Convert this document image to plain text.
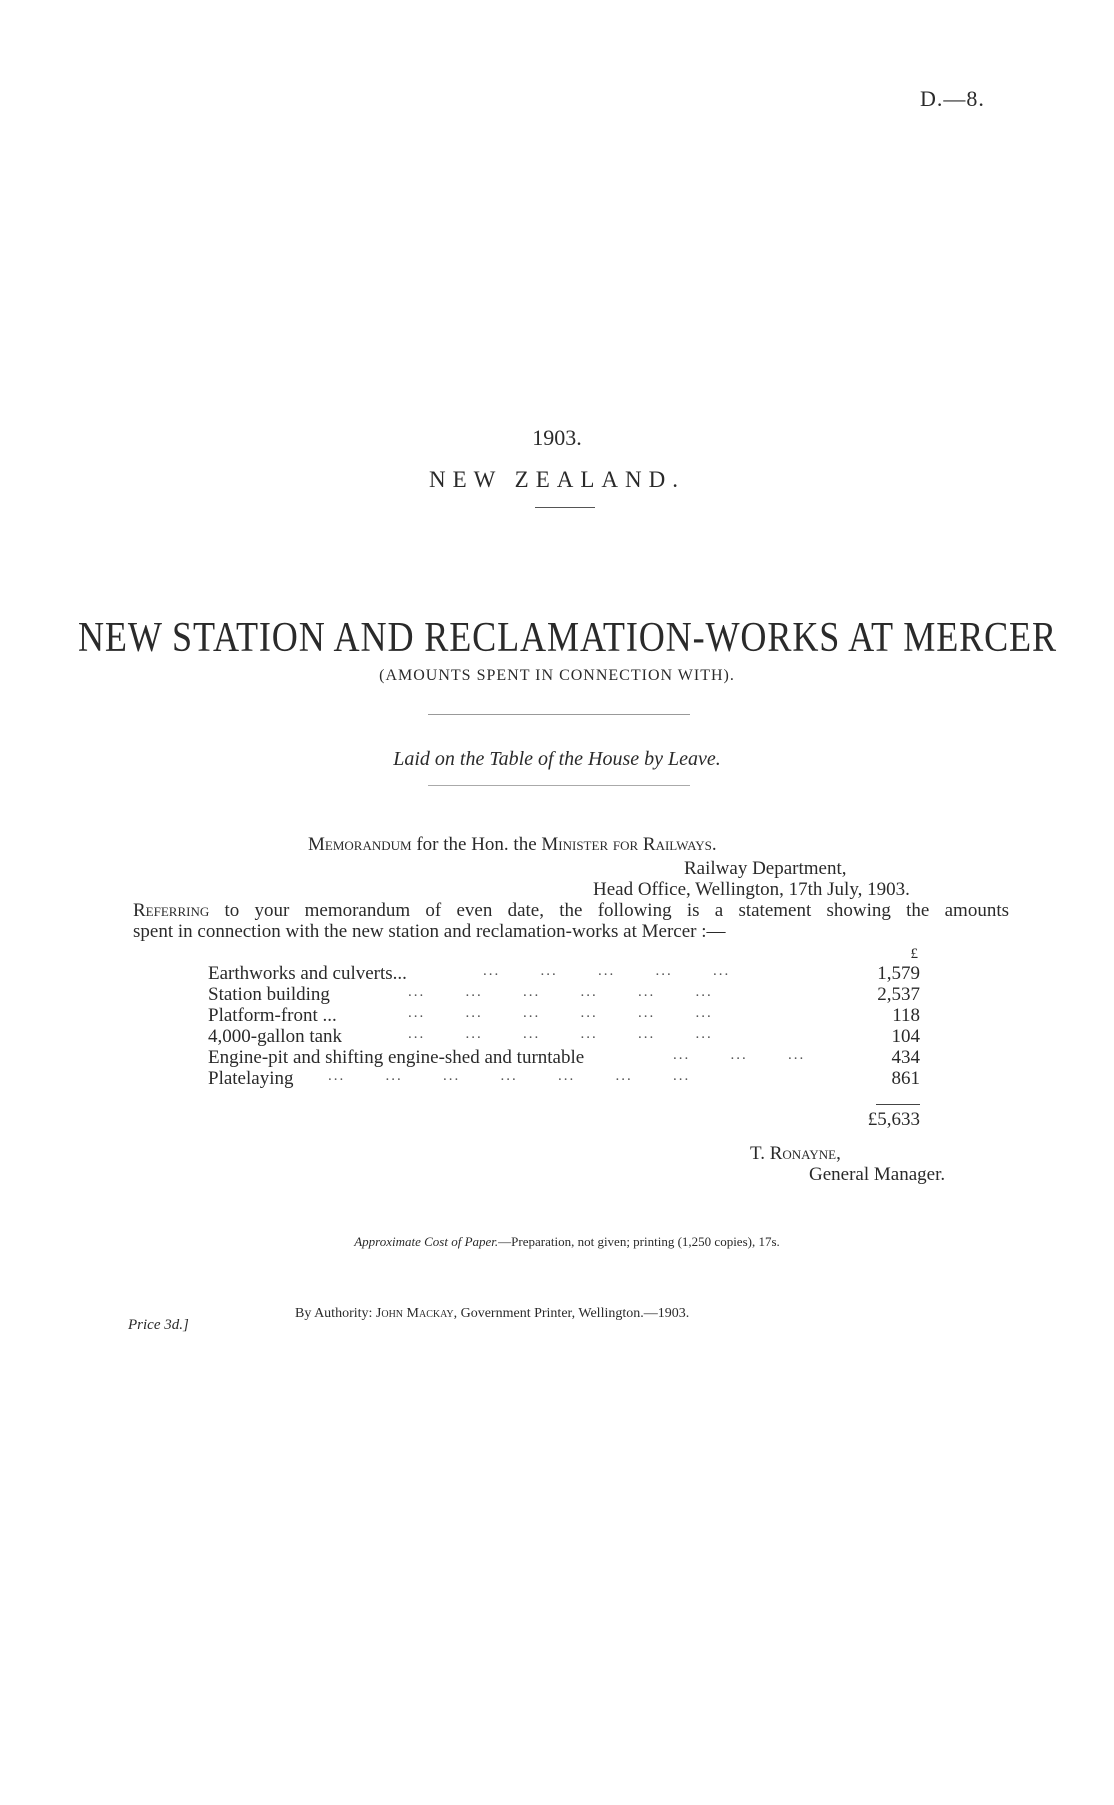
D.—8.
1903.
NEW ZEALAND.
NEW STATION AND RECLAMATION-WORKS AT MERCER
(AMOUNTS SPENT IN CONNECTION WITH).
Laid on the Table of the House by Leave.
Memorandum for the Hon. the Minister for Railways.
Railway Department,
Head Office, Wellington, 17th July, 1903.
Referring to your memorandum of even date, the following is a statement showing the amounts
spent in connection with the new station and reclamation-works at Mercer :—
£
Earthworks and culverts...	...       ...       ...       ...       ...	1,579
Station building	...       ...       ...       ...       ...       ...	2,537
Platform-front ...	...       ...       ...       ...       ...       ...	118
4,000-gallon tank	...       ...       ...       ...       ...       ...	104
Engine-pit and shifting engine-shed and turntable	...       ...       ...	434
Platelaying ...       ...       ...       ...       ...       ...       ...	861
£5,633
T. Ronayne,
General Manager.
Approximate Cost of Paper.—Preparation, not given; printing (1,250 copies), 17s.
Price 3d.]
By Authority: John Mackay, Government Printer, Wellington.—1903.
